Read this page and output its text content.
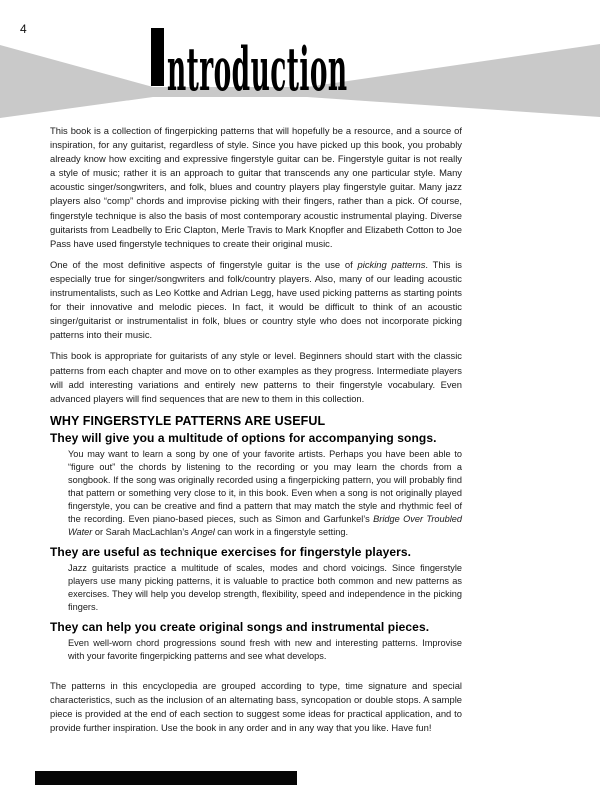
4
ntroduction

This book is a collection of fingerpicking patterns that will hopefully be a resource, and a source of inspiration, for any guitarist, regardless of style. Since you have picked up this book, you probably already know how exciting and expressive fingerstyle guitar can be. Fingerstyle guitar is not really a style of music; rather it is an approach to guitar that transcends any one particular style. Many acoustic singer/songwriters, and folk, blues and country players play fingerstyle guitar. Many jazz players also “comp” chords and improvise picking with their fingers, rather than a pick. Of course, fingerstyle technique is also the basis of most contemporary acoustic instrumental playing. Diverse guitarists from Leadbelly to Eric Clapton, Merle Travis to Mark Knopfler and Elizabeth Cotton to Joe Pass have used fingerstyle techniques to create their original music.

One of the most definitive aspects of fingerstyle guitar is the use of picking patterns. This is especially true for singer/songwriters and folk/country players. Also, many of our leading acoustic instrumentalists, such as Leo Kottke and Adrian Legg, have used picking patterns as starting points for their innovative and melodic pieces. In fact, it would be difficult to think of an acoustic singer/guitarist or instrumentalist in folk, blues or country style who does not incorporate picking patterns into their music.

This book is appropriate for guitarists of any style or level. Beginners should start with the classic patterns from each chapter and move on to other examples as they progress. Intermediate players will add interesting variations and entirely new patterns to their fingerstyle vocabulary. Even advanced players will find sequences that are new to them in this collection.

WHY FINGERSTYLE PATTERNS ARE USEFUL
They will give you a multitude of options for accompanying songs.

You may want to learn a song by one of your favorite artists. Perhaps you have been able to “figure out” the chords by listening to the recording or you may learn the chords from a songbook. If the song was originally recorded using a fingerpicking pattern, you will probably find that pattern or something very close to it, in this book. Even when a song is not originally played fingerstyle, you can be creative and find a pattern that may match the style and rhythmic feel of the recording. Even piano-based pieces, such as Simon and Garfunkel’s Bridge Over Troubled Water or Sarah MacLachlan’s Angel can work in a fingerstyle setting.

They are useful as technique exercises for fingerstyle players.

Jazz guitarists practice a multitude of scales, modes and chord voicings. Since fingerstyle players use many picking patterns, it is valuable to practice both common and new patterns as exercises. They will help you develop strength, flexibility, speed and independence in the picking fingers.

They can help you create original songs and instrumental pieces.

Even well-worn chord progressions sound fresh with new and interesting patterns. Improvise with your favorite fingerpicking patterns and see what develops.

The patterns in this encyclopedia are grouped according to type, time signature and special characteristics, such as the inclusion of an alternating bass, syncopation or double stops. A sample piece is provided at the end of each section to suggest some ideas for practical application, and to provide further inspiration. Use the book in any order and in any way that you like. Have fun!
